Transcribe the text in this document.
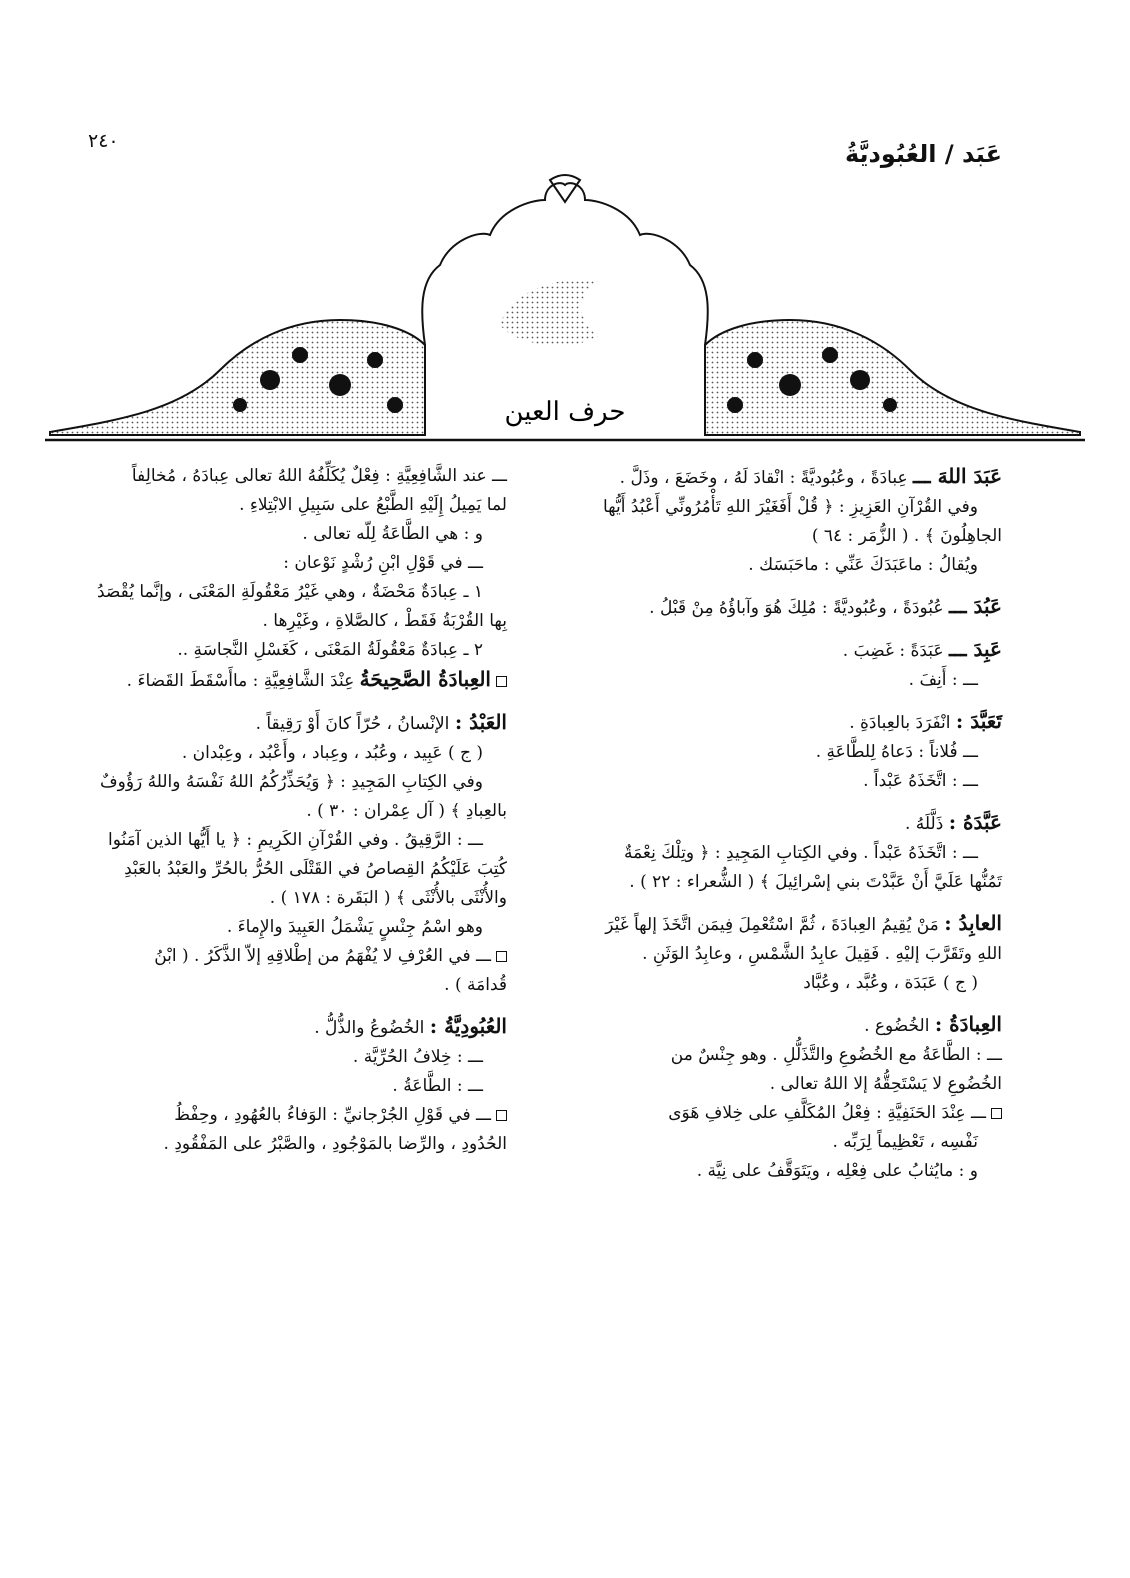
٢٤٠	عَبَد / العُبُوديَّةُ
حرف العين
عَبَدَ اللهَ ـــ عِبادَةً ، وعُبُوديَّةً : انْقادَ لَهُ ، وخَضَعَ ، وذَلَّ .
وفي القُرْآنِ العَزِيزِ : ﴿ قُلْ أَفَغَيْرَ اللهِ تَأْمُرُونِّي أَعْبُدُ أَيُّها
الجاهِلُونَ ﴾ . ( الزُّمَر : ٦٤ )
ويُقالُ : ماعَبَدَكَ عَنِّي : ماحَبَسَك .
عَبُدَ ـــ عُبُودَةً ، وعُبُوديَّةً : مُلِكَ هُوَ وآباؤُهُ مِنْ قَبْلُ .
عَبِدَ ـــ عَبَدَةً : غَضِبَ .
ـــ : أَنِفَ .
تَعَبَّدَ : انْفَرَدَ بالعِبادَةِ .
ـــ فُلاناً : دَعاهُ لِلطَّاعَةِ .
ـــ : اتَّخَذَهُ عَبْداً .
عَبَّدَهُ : ذَلَّلَهُ .
ـــ : اتَّخَذَهُ عَبْداً . وفي الكِتابِ المَجِيدِ : ﴿ وتِلْكَ نِعْمَةٌ
تَمُنُّها عَلَيَّ أَنْ عَبَّدْتَ بني إسْرائِيلَ ﴾ ( الشُّعراء : ٢٢ ) .
العابِدُ : مَنْ يُقِيمُ العِبادَةَ ، ثُمَّ اسْتُعْمِلَ فِيمَن اتَّخَذَ إلهاً غَيْرَ
اللهِ وتَقَرَّبَ إليْهِ . فَقِيلَ عابِدُ الشَّمْسِ ، وعابِدُ الوَثَنِ .
( ج ) عَبَدَة ، وعُبَّد ، وعُبَّاد
العِبادَةُ : الخُضُوع .
ـــ : الطَّاعَةُ مع الخُضُوعِ والتَّذَلُّلِ . وهو جِنْسٌ من
الخُضُوعِ لا يَسْتَحِقُّهُ إلا اللهُ تعالى .
ـــ عِنْدَ الحَنَفِيَّةِ : فِعْلُ المُكَلَّفِ على خِلافِ هَوَى
نَفْسِه ، تَعْظِيماً لِرَبِّه .
و : مايُثابُ على فِعْلِه ، ويَتَوَقَّفُ على نِيَّة .
ـــ عند الشَّافِعِيَّةِ : فِعْلٌ يُكَلِّفُهُ اللهُ تعالى عِبادَهُ ، مُخالِفاً
لما يَمِيلُ إِلَيْهِ الطَّبْعُ على سَبِيلِ الابْتِلاءِ .
و : هي الطَّاعَةُ لِلّه تعالى .
ـــ في قَوْلِ ابْنِ رُشْدٍ نَوْعان :
١ ـ عِبادَةٌ مَحْضَةٌ ، وهي غَيْرُ مَعْقُولَةِ المَعْنَى ، وإنَّما يُقْصَدُ
بِها القُرْبَةُ فَقَطْ ، كالصَّلاةِ ، وغَيْرِها .
٢ ـ عِبادَةٌ مَعْقُولَةُ المَعْنَى ، كَغَسْلِ النَّجاسَةِ ..
العِبادَةُ الصَّحِيحَةُ عِنْدَ الشَّافِعِيَّةِ : ماأَسْقَطَ القَضاءَ .
العَبْدُ : الإنْسانُ ، حُرّاً كانَ أَوْ رَقِيقاً .
( ج ) عَبِيد ، وعُبُد ، وعِباد ، وأَعْبُد ، وعِبْدان .
وفي الكِتابِ المَجِيدِ : ﴿ وَيُحَذِّرُكُمُ اللهُ نَفْسَهُ واللهُ رَؤُوفٌ
بالعِبادِ ﴾ ( آل عِمْران : ٣٠ ) .
ـــ : الرَّقِيقُ . وفي القُرْآنِ الكَرِيمِ : ﴿ يا أَيُّها الذين آمَنُوا
كُتِبَ عَلَيْكُمُ القِصاصُ في القَتْلَى الحُرُّ بالحُرِّ والعَبْدُ بالعَبْدِ
والأُنْثَى بالأُنْثَى ﴾ ( البَقَرة : ١٧٨ ) .
وهو اسْمُ جِنْسٍ يَشْمَلُ العَبِيدَ والإِماءَ .
ـــ في العُرْفِ لا يُفْهَمُ من إطْلاقِهِ إلاّ الذَّكَرُ . ( ابْنُ
قُدامَة ) .
العُبُودِيَّةُ : الخُضُوعُ والذُّلُّ .
ـــ : خِلافُ الحُرِّيَّة .
ـــ : الطَّاعَةُ .
ـــ في قَوْلِ الجُرْجانيِّ : الوَفاءُ بالعُهُودِ ، وحِفْظُ
الحُدُودِ ، والرِّضا بالمَوْجُودِ ، والصَّبْرُ على المَفْقُودِ .
